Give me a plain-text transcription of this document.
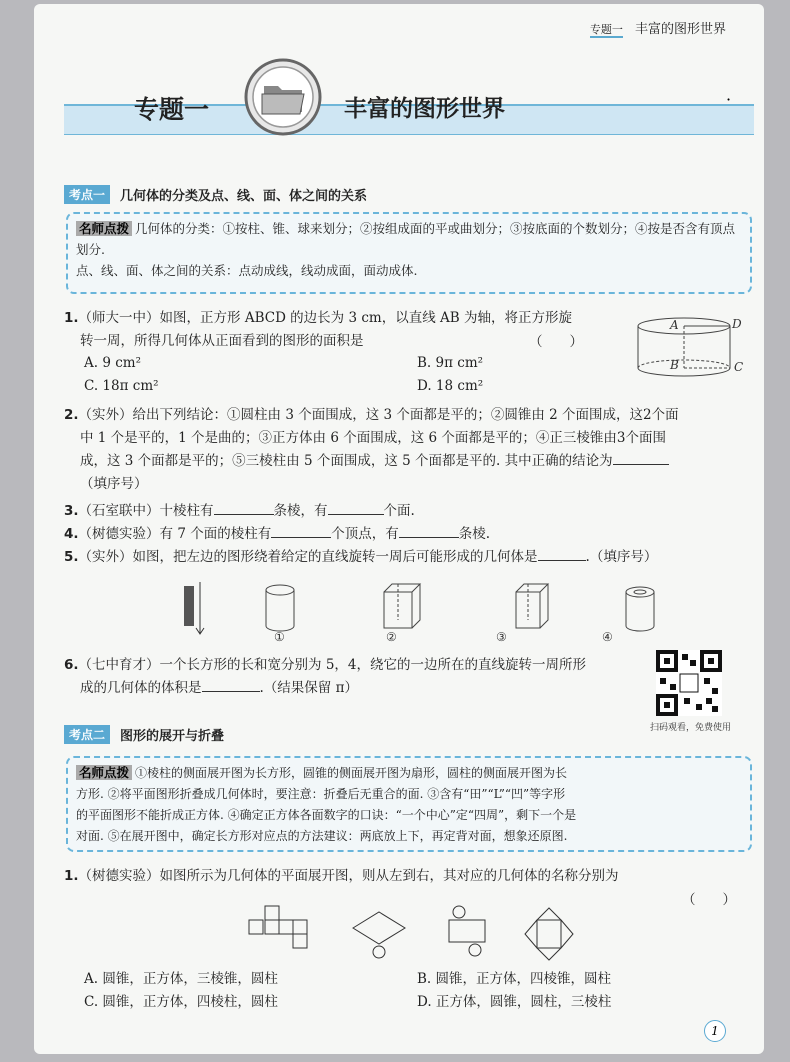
专题一 丰富的图形世界
专题一	丰富的图形世界	·
考点一	几何体的分类及点、线、面、体之间的关系
名师点拨 几何体的分类：①按柱、锥、球来划分；②按组成面的平或曲划分；③按底面的个数划分；④按是否含有顶点划分.
点、线、面、体之间的关系：点动成线，线动成面，面动成体.
1.（师大一中）如图，正方形 ABCD 的边长为 3 cm，以直线 AB 为轴，将正方形旋
转一周，所得几何体从正面看到的图形的面积是	（　　）
A. 9 cm²	B. 9π cm²
C. 18π cm²	D. 18 cm²
A	D
B	C
2.（实外）给出下列结论：①圆柱由 3 个面围成，这 3 个面都是平的；②圆锥由 2 个面围成，这2个面
中 1 个是平的，1 个是曲的；③正方体由 6 个面围成，这 6 个面都是平的；④正三棱锥由3个面围
成，这 3 个面都是平的；⑤三棱柱由 5 个面围成，这 5 个面都是平的. 其中正确的结论为
（填序号）
3.（石室联中）十棱柱有	条棱，有	个面.
4.（树德实验）有 7 个面的棱柱有	个顶点，有	条棱.
5.（实外）如图，把左边的图形绕着给定的直线旋转一周后可能形成的几何体是	.（填序号）
①	②	③	④
6.（七中育才）一个长方形的长和宽分别为 5，4，绕它的一边所在的直线旋转一周所形
成的几何体的体积是	.（结果保留 π）
扫码观看，免费使用
考点二	图形的展开与折叠
名师点拨 ①棱柱的侧面展开图为长方形，圆锥的侧面展开图为扇形，圆柱的侧面展开图为长
方形. ②将平面图形折叠成几何体时，要注意：折叠后无重合的面. ③含有“田”“L”“凹”等字形
的平面图形不能折成正方体. ④确定正方体各面数字的口诀：“一个中心”定“四周”，剩下一个是
对面. ⑤在展开图中，确定长方形对应点的方法建议：两底放上下，再定背对面，想象还原图.
1.（树德实验）如图所示为几何体的平面展开图，则从左到右，其对应的几何体的名称分别为
（　　）
A. 圆锥，正方体，三棱锥，圆柱	B. 圆锥，正方体，四棱锥，圆柱
C. 圆锥，正方体，四棱柱，圆柱	D. 正方体，圆锥，圆柱，三棱柱
1
